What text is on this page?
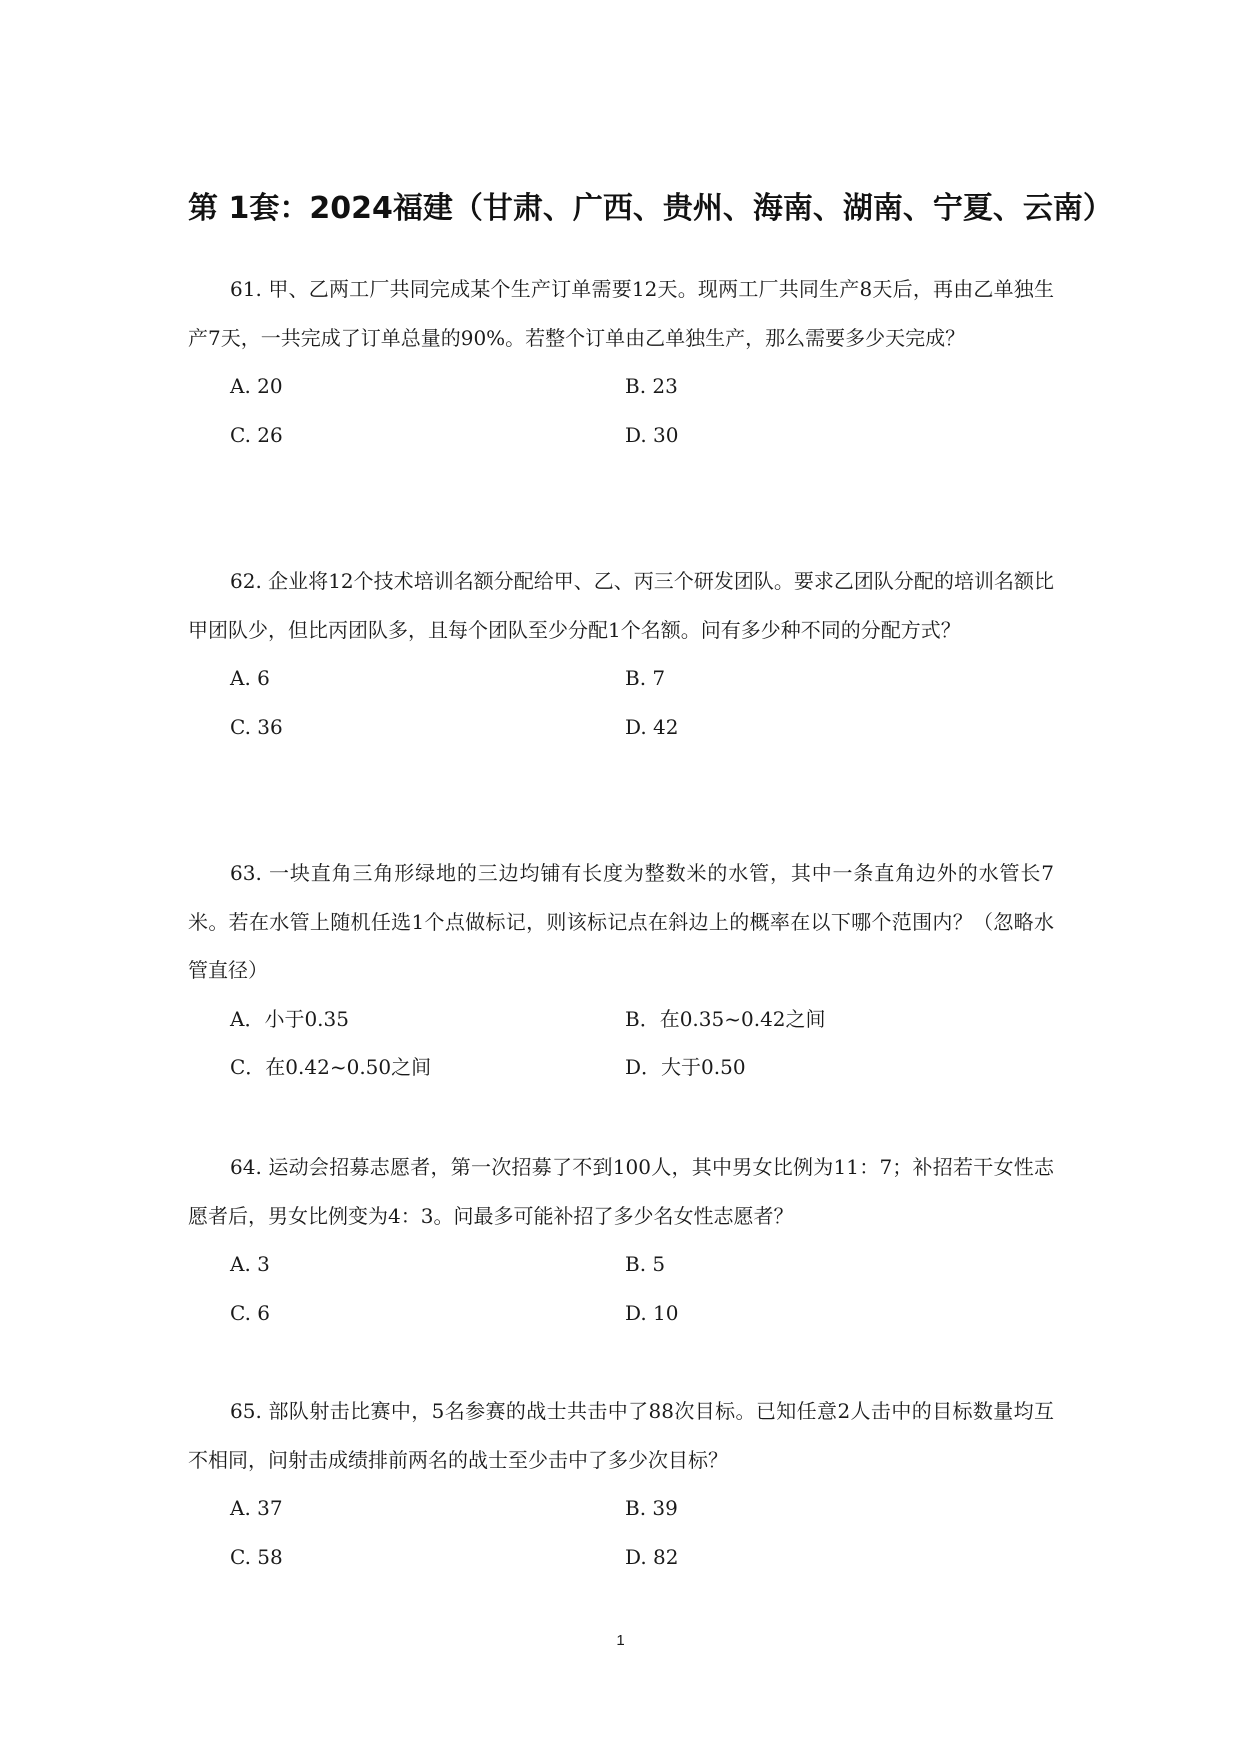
第 1套：2024福建（甘肃、广西、贵州、海南、湖南、宁夏、云南）

61. 甲、乙两工厂共同完成某个生产订单需要12天。现两工厂共同生产8天后，再由乙单独生产7天，一共完成了订单总量的90%。若整个订单由乙单独生产，那么需要多少天完成？

A. 20	B. 23
C. 26	D. 30

62. 企业将12个技术培训名额分配给甲、乙、丙三个研发团队。要求乙团队分配的培训名额比甲团队少，但比丙团队多，且每个团队至少分配1个名额。问有多少种不同的分配方式？

A. 6	B. 7
C. 36	D. 42

63. 一块直角三角形绿地的三边均铺有长度为整数米的水管，其中一条直角边外的水管长7米。若在水管上随机任选1个点做标记，则该标记点在斜边上的概率在以下哪个范围内？（忽略水管直径）

A．小于0.35	B．在0.35~0.42之间
C．在0.42~0.50之间	D．大于0.50

64. 运动会招募志愿者，第一次招募了不到100人，其中男女比例为11：7；补招若干女性志愿者后，男女比例变为4：3。问最多可能补招了多少名女性志愿者？

A. 3	B. 5
C. 6	D. 10

65. 部队射击比赛中，5名参赛的战士共击中了88次目标。已知任意2人击中的目标数量均互不相同，问射击成绩排前两名的战士至少击中了多少次目标？

A. 37	B. 39
C. 58	D. 82
1
